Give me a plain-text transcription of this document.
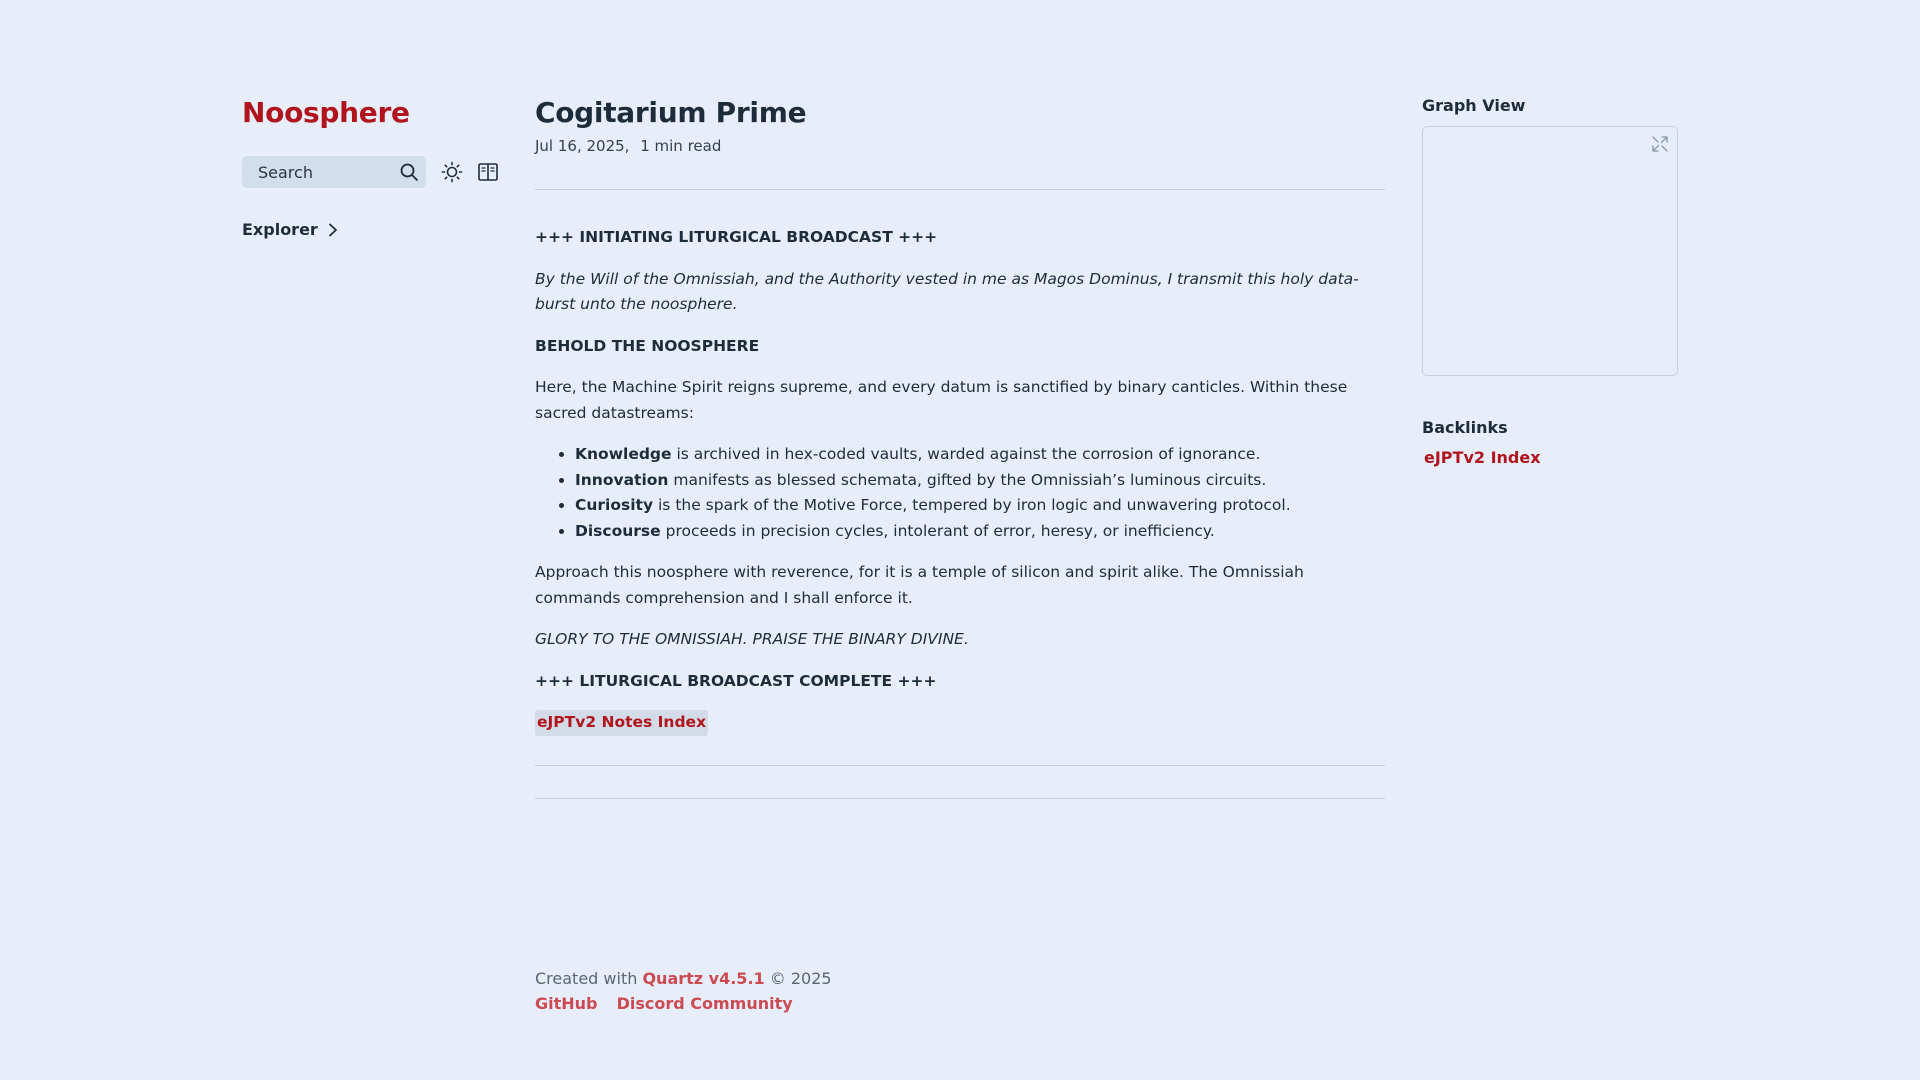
Noosphere
Search
Explorer
Cogitarium Prime
Jul 16, 2025, 1 min read

+++ INITIATING LITURGICAL BROADCAST +++

By the Will of the Omnissiah, and the Authority vested in me as Magos Dominus, I transmit this holy data-burst unto the noosphere.

BEHOLD THE NOOSPHERE

Here, the Machine Spirit reigns supreme, and every datum is sanctified by binary canticles. Within these sacred datastreams:

• Knowledge is archived in hex-coded vaults, warded against the corrosion of ignorance.
• Innovation manifests as blessed schemata, gifted by the Omnissiah’s luminous circuits.
• Curiosity is the spark of the Motive Force, tempered by iron logic and unwavering protocol.
• Discourse proceeds in precision cycles, intolerant of error, heresy, or inefficiency.

Approach this noosphere with reverence, for it is a temple of silicon and spirit alike. The Omnissiah commands comprehension and I shall enforce it.

GLORY TO THE OMNISSIAH. PRAISE THE BINARY DIVINE.

+++ LITURGICAL BROADCAST COMPLETE +++

eJPTv2 Notes Index

Created with Quartz v4.5.1 © 2025
GitHub Discord Community
Graph View
Backlinks
eJPTv2 Index
